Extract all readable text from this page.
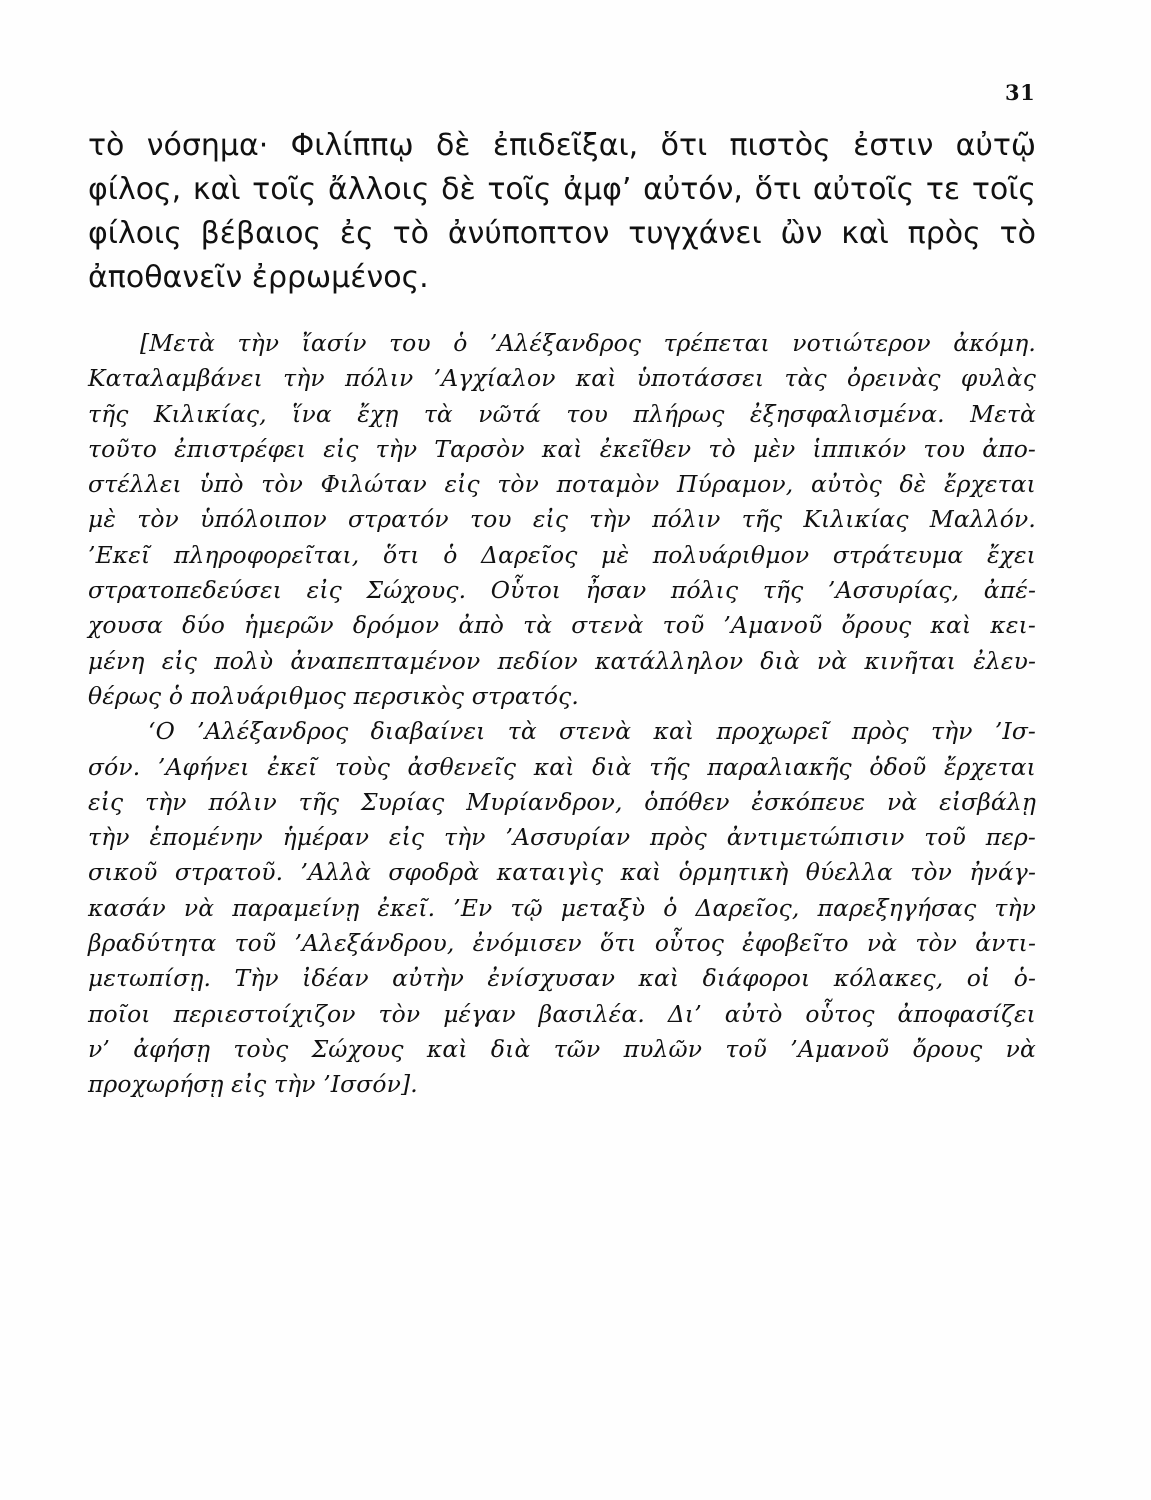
31
τὸ νόσημα· Φιλίππῳ δὲ ἐπιδεῖξαι, ὅτι πιστὸς ἐστιν αὐτῷ
φίλος, καὶ τοῖς ἄλλοις δὲ τοῖς ἀμφ’ αὐτόν, ὅτι αὐτοῖς τε τοῖς
φίλοις βέβαιος ἐς τὸ ἀνύποπτον τυγχάνει ὢν καὶ πρὸς τὸ
ἀποθανεῖν ἐρρωμένος.
[Μετὰ τὴν ἴασίν του ὁ ’Αλέξανδρος τρέπεται νοτιώτερον ἀκόμη.
Καταλαμβάνει τὴν πόλιν ’Αγχίαλον καὶ ὑποτάσσει τὰς ὀρεινὰς φυλὰς
τῆς Κιλικίας, ἵνα ἔχῃ τὰ νῶτά του πλήρως ἐξησφαλισμένα. Μετὰ
τοῦτο ἐπιστρέφει εἰς τὴν Ταρσὸν καὶ ἐκεῖθεν τὸ μὲν ἱππικόν του ἀπο-
στέλλει ὑπὸ τὸν Φιλώταν εἰς τὸν ποταμὸν Πύραμον, αὐτὸς δὲ ἔρχεται
μὲ τὸν ὑπόλοιπον στρατόν του εἰς τὴν πόλιν τῆς Κιλικίας Μαλλόν.
’Εκεῖ πληροφορεῖται, ὅτι ὁ Δαρεῖος μὲ πολυάριθμον στράτευμα ἔχει
στρατοπεδεύσει εἰς Σώχους. Οὗτοι ἦσαν πόλις τῆς ’Ασσυρίας, ἀπέ-
χουσα δύο ἡμερῶν δρόμον ἀπὸ τὰ στενὰ τοῦ ’Αμανοῦ ὄρους καὶ κει-
μένη εἰς πολὺ ἀναπεπταμένον πεδίον κατάλληλον διὰ νὰ κινῆται ἐλευ-
θέρως ὁ πολυάριθμος περσικὸς στρατός.
‘Ο ’Αλέξανδρος διαβαίνει τὰ στενὰ καὶ προχωρεῖ πρὸς τὴν ’Ισ-
σόν. ’Αφήνει ἐκεῖ τοὺς ἀσθενεῖς καὶ διὰ τῆς παραλιακῆς ὁδοῦ ἔρχεται
εἰς τὴν πόλιν τῆς Συρίας Μυρίανδρον, ὁπόθεν ἐσκόπευε νὰ εἰσβάλῃ
τὴν ἑπομένην ἡμέραν εἰς τὴν ’Ασσυρίαν πρὸς ἀντιμετώπισιν τοῦ περ-
σικοῦ στρατοῦ. ’Αλλὰ σφοδρὰ καταιγὶς καὶ ὁρμητικὴ θύελλα τὸν ἠνάγ-
κασάν νὰ παραμείνῃ ἐκεῖ. ’Εν τῷ μεταξὺ ὁ Δαρεῖος, παρεξηγήσας τὴν
βραδύτητα τοῦ ’Αλεξάνδρου, ἐνόμισεν ὅτι οὗτος ἐφοβεῖτο νὰ τὸν ἀντι-
μετωπίσῃ. Τὴν ἰδέαν αὐτὴν ἐνίσχυσαν καὶ διάφοροι κόλακες, οἱ ὁ-
ποῖοι περιεστοίχιζον τὸν μέγαν βασιλέα. Δι’ αὐτὸ οὗτος ἀποφασίζει
ν’ ἀφήσῃ τοὺς Σώχους καὶ διὰ τῶν πυλῶν τοῦ ’Αμανοῦ ὄρους νὰ
προχωρήσῃ εἰς τὴν ’Ισσόν].
